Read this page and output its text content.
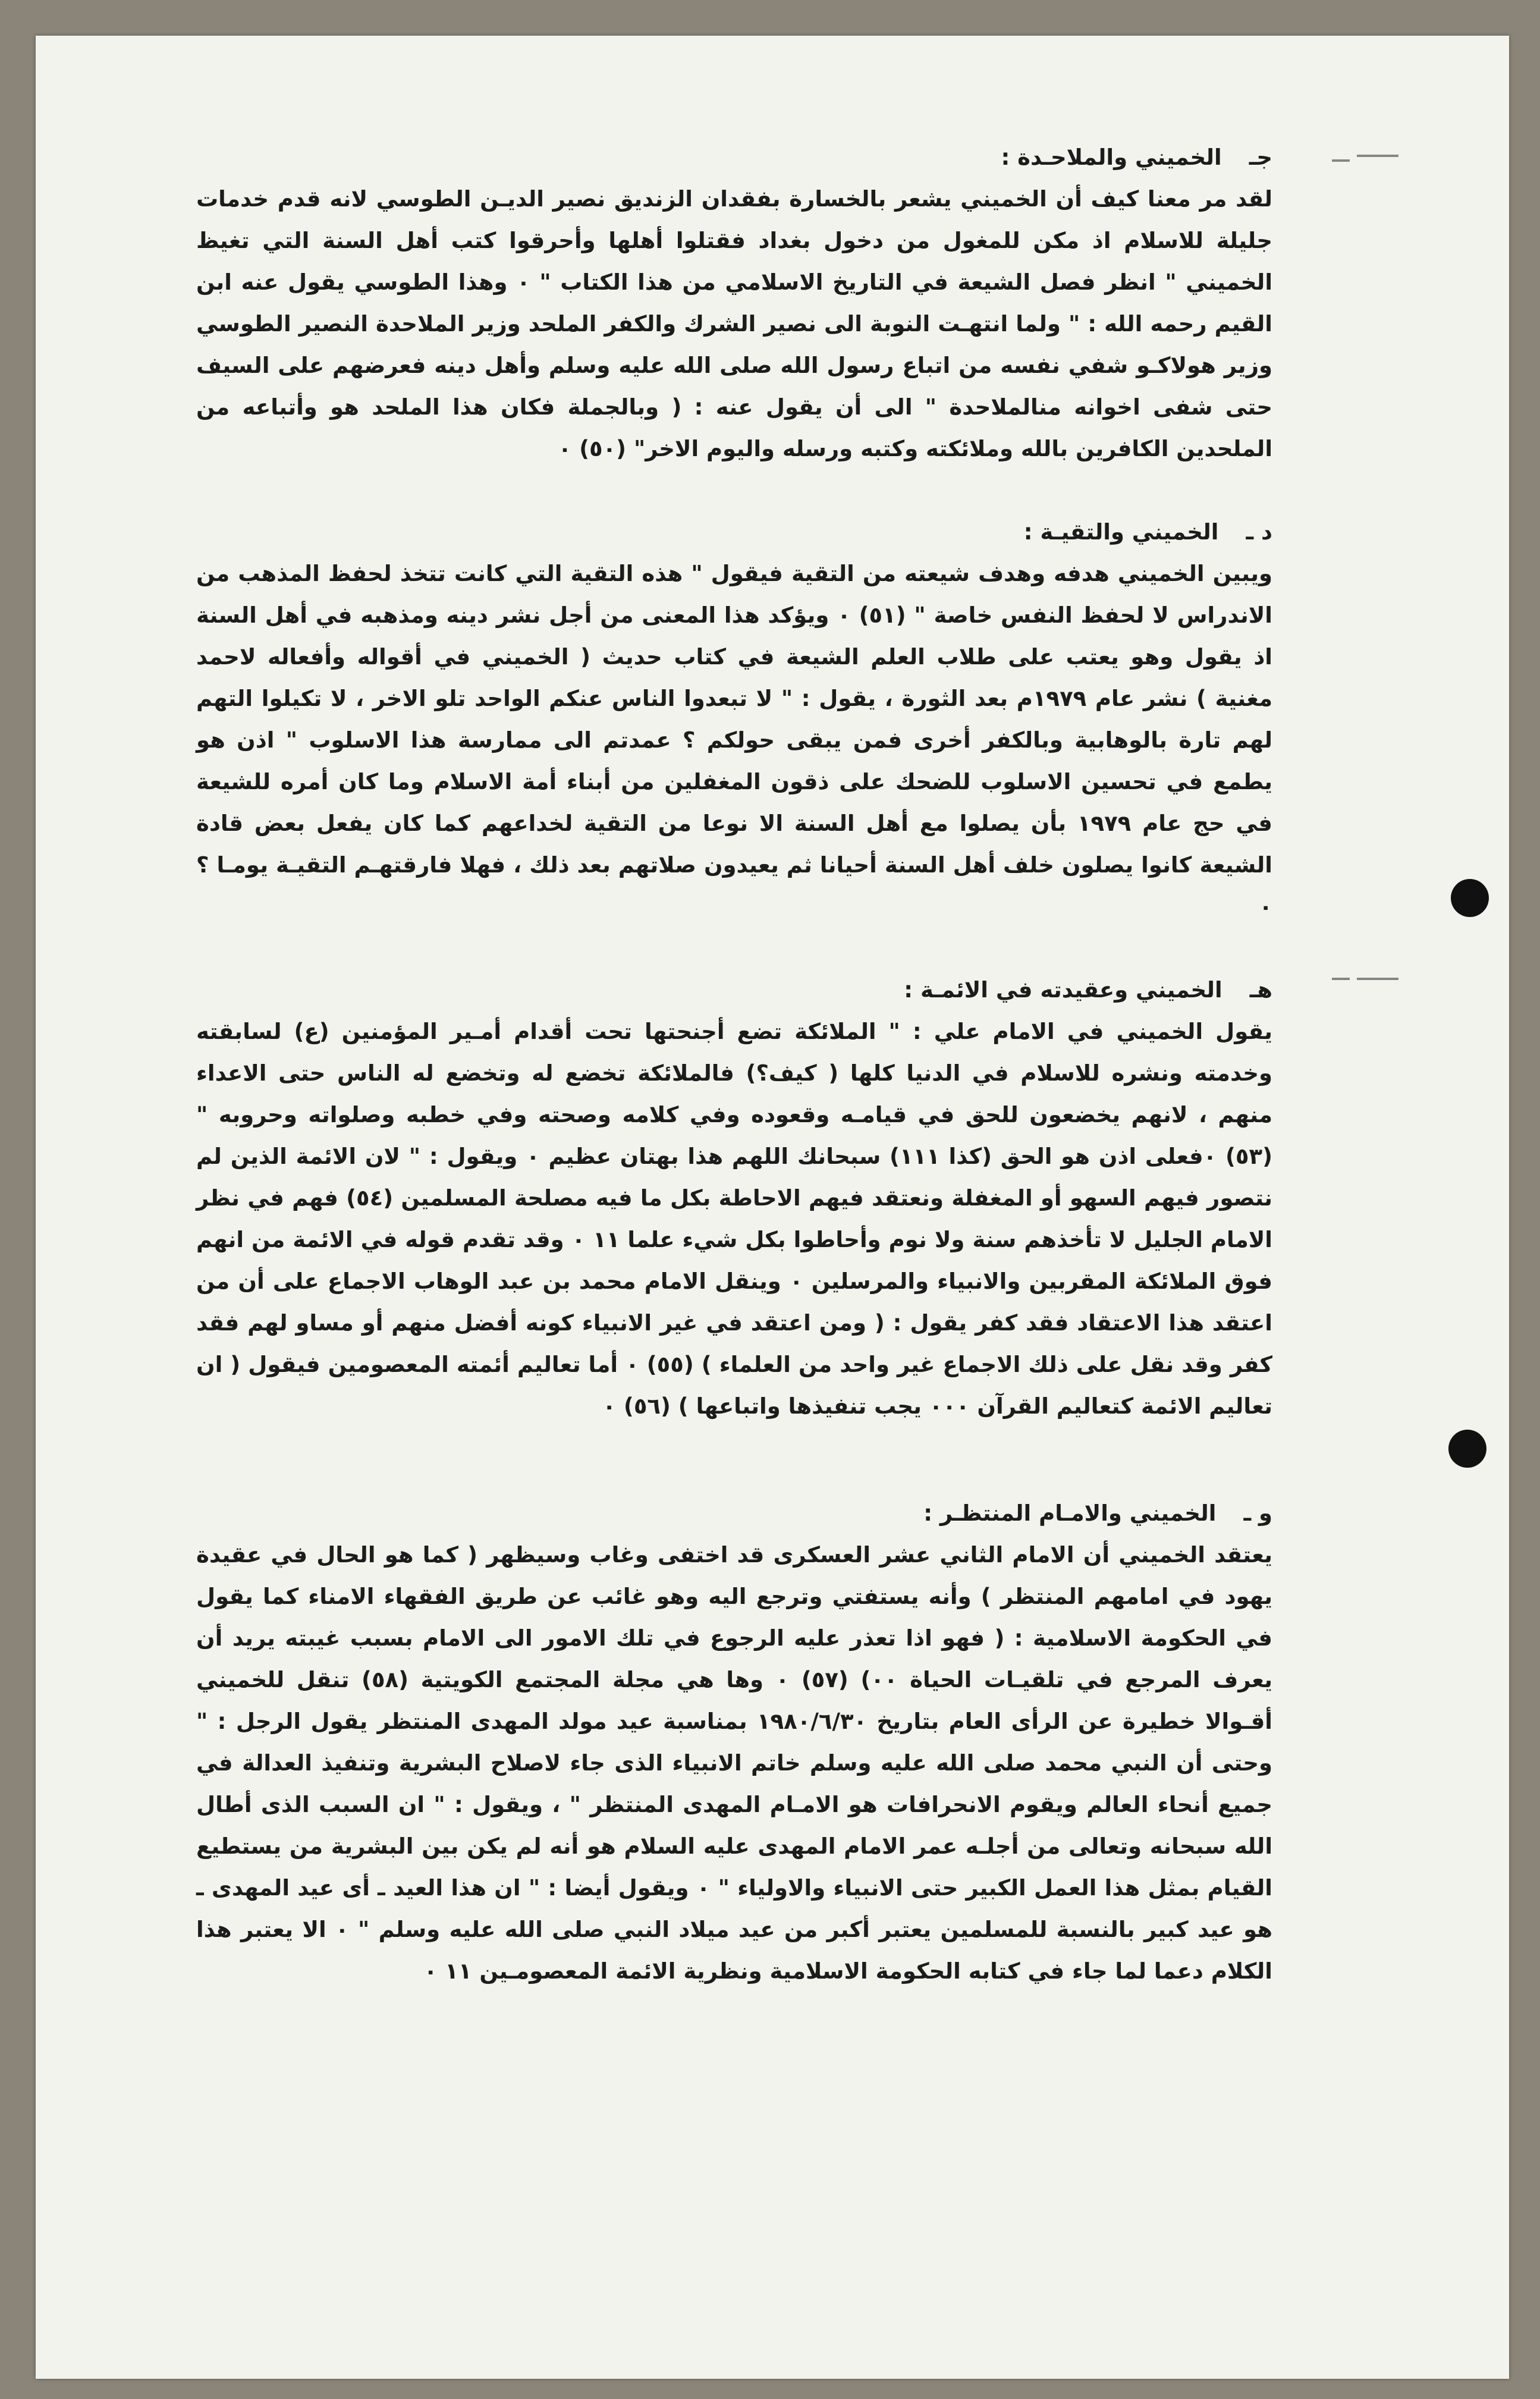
جـالخميني والملاحـدة :

لقد مر معنا كيف أن الخميني يشعر بالخسارة بفقدان الزنديق نصير الديـن الطوسي لانه قدم خدمات جليلة للاسلام اذ مكن للمغول من دخول بغداد فقتلوا أهلها وأحرقوا كتب أهل السنة التي تغيظ الخميني " انظر فصل الشيعة في التاريخ الاسلامي من هذا الكتاب " ٠ وهذا الطوسي يقول عنه ابن القيم رحمه الله : " ولما انتهـت النوبة الى نصير الشرك والكفر الملحد وزير الملاحدة النصير الطوسي وزير هولاكـو شفي نفسه من اتباع رسول الله صلى الله عليه وسلم وأهل دينه فعرضهم على السيف حتى شفى اخوانه منالملاحدة " الى أن يقول عنه : ( وبالجملة فكان هذا الملحد هو وأتباعه من الملحدين الكافرين بالله وملائكته وكتبه ورسله واليوم الاخر" (٥٠) ٠

د ـالخميني والتقيـة :

ويبين الخميني هدفه وهدف شيعته من التقية فيقول " هذه التقية التي كانت تتخذ لحفظ المذهب من الاندراس لا لحفظ النفس خاصة " (٥١) ٠ ويؤكد هذا المعنى من أجل نشر دينه ومذهبه في أهل السنة اذ يقول وهو يعتب على طلاب العلم الشيعة في كتاب حديث ( الخميني في أقواله وأفعاله لاحمد مغنية ) نشر عام ١٩٧٩م بعد الثورة ، يقول : " لا تبعدوا الناس عنكم الواحد تلو الاخر ، لا تكيلوا التهم لهم تارة بالوهابية وبالكفر أخرى فمن يبقى حولكم ؟ عمدتم الى ممارسة هذا الاسلوب " اذن هو يطمع في تحسين الاسلوب للضحك على ذقون المغفلين من أبناء أمة الاسلام وما كان أمره للشيعة في حج عام ١٩٧٩ بأن يصلوا مع أهل السنة الا نوعا من التقية لخداعهم كما كان يفعل بعض قادة الشيعة كانوا يصلون خلف أهل السنة أحيانا ثم يعيدون صلاتهم بعد ذلك ، فهلا فارقتهـم التقيـة يومـا ؟ ٠

هـالخميني وعقيدته في الائمـة :

يقول الخميني في الامام علي : " الملائكة تضع أجنحتها تحت أقدام أمـير المؤمنين (ع) لسابقته وخدمته ونشره للاسلام في الدنيا كلها ( كيف؟) فالملائكة تخضع له وتخضع له الناس حتى الاعداء منهم ، لانهم يخضعون للحق في قيامـه وقعوده وفي كلامه وصحته وفي خطبه وصلواته وحروبه " (٥٣) ٠فعلى اذن هو الحق (كذا ١١١) سبحانك اللهم هذا بهتان عظيم ٠ ويقول : " لان الائمة الذين لم نتصور فيهم السهو أو المغفلة ونعتقد فيهم الاحاطة بكل ما فيه مصلحة المسلمين (٥٤) فهم في نظر الامام الجليل لا تأخذهم سنة ولا نوم وأحاطوا بكل شيء علما ١١ ٠ وقد تقدم قوله في الائمة من انهم فوق الملائكة المقربين والانبياء والمرسلين ٠ وينقل الامام محمد بن عبد الوهاب الاجماع على أن من اعتقد هذا الاعتقاد فقد كفر يقول : ( ومن اعتقد في غير الانبياء كونه أفضل منهم أو مساو لهم فقد كفر وقد نقل على ذلك الاجماع غير واحد من العلماء ) (٥٥) ٠ أما تعاليم أئمته المعصومين فيقول ( ان تعاليم الائمة كتعاليم القرآن ٠٠٠ يجب تنفيذها واتباعها ) (٥٦) ٠

و ـالخميني والامـام المنتظـر :

يعتقد الخميني أن الامام الثاني عشر العسكرى قد اختفى وغاب وسيظهر ( كما هو الحال في عقيدة يهود في امامهم المنتظر ) وأنه يستفتي وترجع اليه وهو غائب عن طريق الفقهاء الامناء كما يقول في الحكومة الاسلامية : ( فهو اذا تعذر عليه الرجوع في تلك الامور الى الامام بسبب غيبته يريد أن يعرف المرجع في تلقيـات الحياة ٠٠) (٥٧) ٠ وها هي مجلة المجتمع الكويتية (٥٨) تنقل للخميني أقـوالا خطيرة عن الرأى العام بتاريخ ١٩٨٠/٦/٣٠ بمناسبة عيد مولد المهدى المنتظر يقول الرجل : " وحتى أن النبي محمد صلى الله عليه وسلم خاتم الانبياء الذى جاء لاصلاح البشرية وتنفيذ العدالة في جميع أنحاء العالم ويقوم الانحرافات هو الامـام المهدى المنتظر " ، ويقول : " ان السبب الذى أطال الله سبحانه وتعالى من أجلـه عمر الامام المهدى عليه السلام هو أنه لم يكن بين البشرية من يستطيع القيام بمثل هذا العمل الكبير حتى الانبياء والاولياء " ٠ ويقول أيضا : " ان هذا العيد ـ أى عيد المهدى ـ هو عيد كبير بالنسبة للمسلمين يعتبر أكبر من عيد ميلاد النبي صلى الله عليه وسلم " ٠ الا يعتبر هذا الكلام دعما لما جاء في كتابه الحكومة الاسلامية ونظرية الائمة المعصومـين ١١ ٠
